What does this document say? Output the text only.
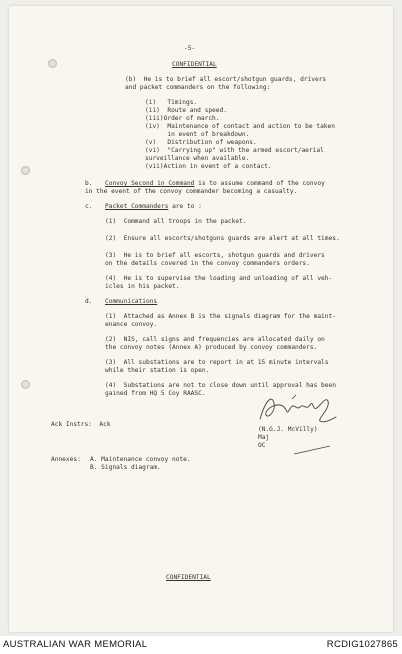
-5-
CONFIDENTIAL
(b)  He is to brief all escort/shotgun guards, drivers
and packet commanders on the following:
(i)   Timings.
(ii)  Route and speed.
(iii)Order of march.
(iv)  Maintenance of contact and action to be taken
in event of breakdown.
(v)   Distribution of weapons.
(vi)  "Carrying up" with the armed escort/aerial
surveillance when available.
(vii)Action in event of a contact.
b. Convoy Second in Command is to assume command of the convoy
in the event of the convoy commander becoming a casualty.
c. Packet Commanders are to :
(1)  Command all troops in the packet.
(2)  Ensure all escorts/shotguns guards are alert at all times.
(3)  He is to brief all escorts, shotgun guards and drivers
on the details covered in the convoy commanders orders.
(4)  He is to supervise the loading and unloading of all veh-
icles in his packet.
d. Communications
(1)  Attached as Annex B is the signals diagram for the maint-
enance convoy.
(2)  NIS, call signs and frequencies are allocated daily on
the convoy notes (Annex A) produced by convoy commanders.
(3)  All substations are to report in at 15 minute intervals
while their station is open.
(4)  Substations are not to close down until approval has been
gained from HQ 5 Coy RAASC.
Ack Instrs:  Ack
(N.G.J. McVilly)
Maj
OC
Annexes: A. Maintenance convoy note.
B. Signals diagram.
CONFIDENTIAL
AUSTRALIAN WAR MEMORIAL	RCDIG1027865
